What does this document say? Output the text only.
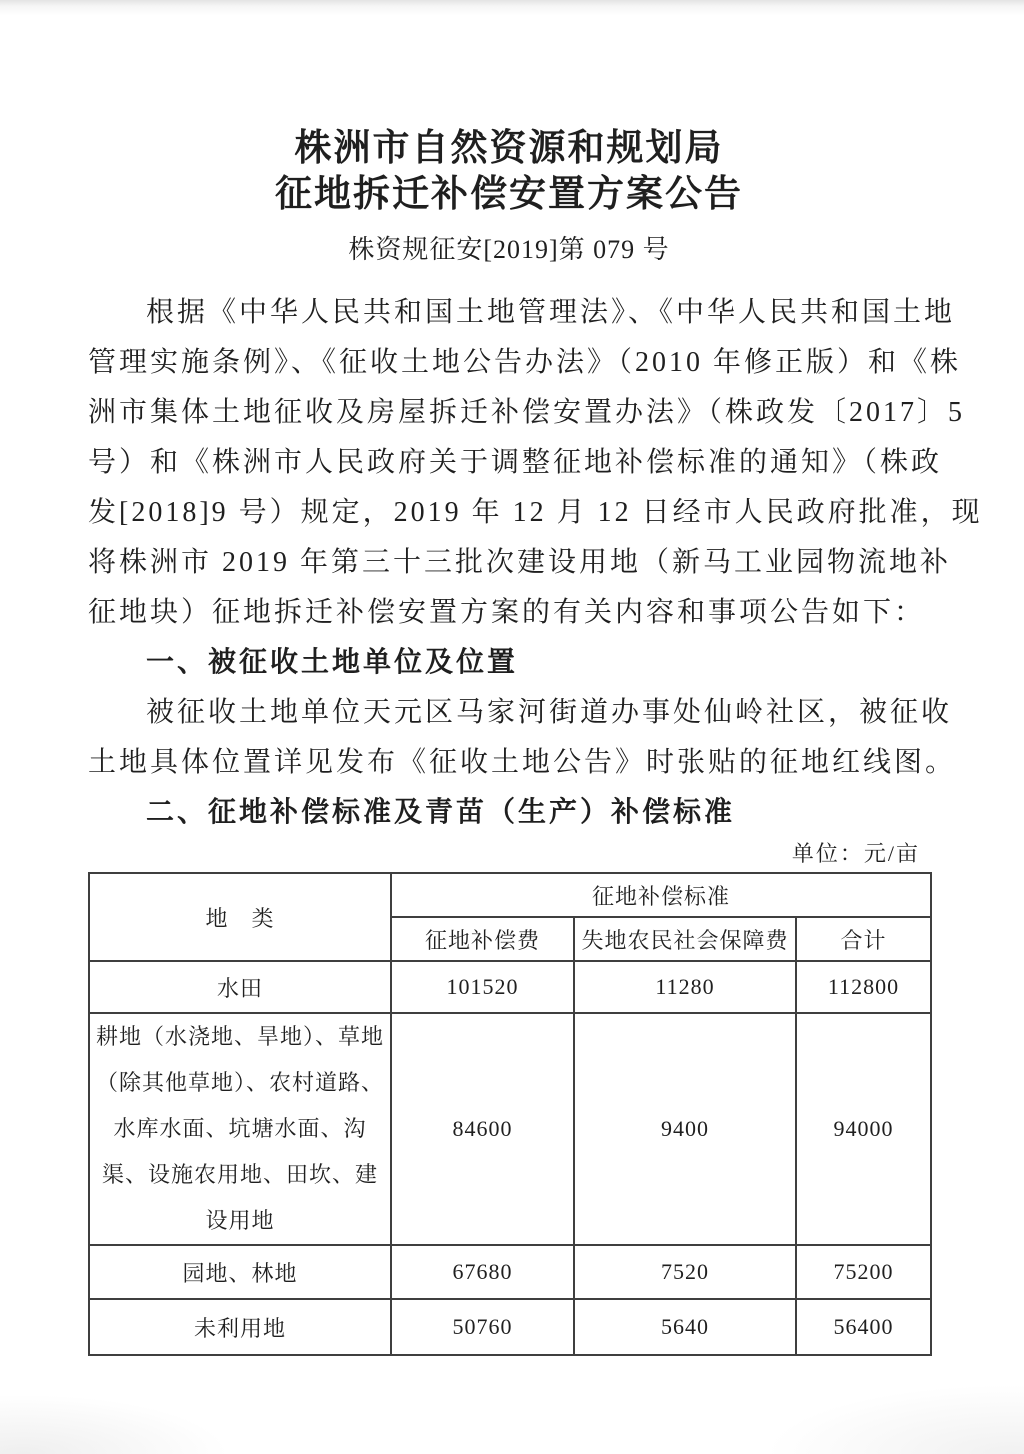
株洲市自然资源和规划局
征地拆迁补偿安置方案公告
株资规征安[2019]第 079 号
根据《中华人民共和国土地管理法》、《中华人民共和国土地
管理实施条例》、《征收土地公告办法》（2010 年修正版）和《株
洲市集体土地征收及房屋拆迁补偿安置办法》（株政发〔2017〕5
号）和《株洲市人民政府关于调整征地补偿标准的通知》（株政
发[2018]9 号）规定，2019 年 12 月 12 日经市人民政府批准，现
将株洲市 2019 年第三十三批次建设用地（新马工业园物流地补
征地块）征地拆迁补偿安置方案的有关内容和事项公告如下：
一、被征收土地单位及位置
被征收土地单位天元区马家河街道办事处仙岭社区，被征收
土地具体位置详见发布《征收土地公告》时张贴的征地红线图。
二、征地补偿标准及青苗（生产）补偿标准
单位：元/亩
地　类	征地补偿标准		
	征地补偿费	失地农民社会保障费	合计
水田	101520	11280	112800
耕地（水浇地、旱地）、草地（除其他草地）、农村道路、水库水面、坑塘水面、沟渠、设施农用地、田坎、建设用地	84600	9400	94000
园地、林地	67680	7520	75200
未利用地	50760	5640	56400
